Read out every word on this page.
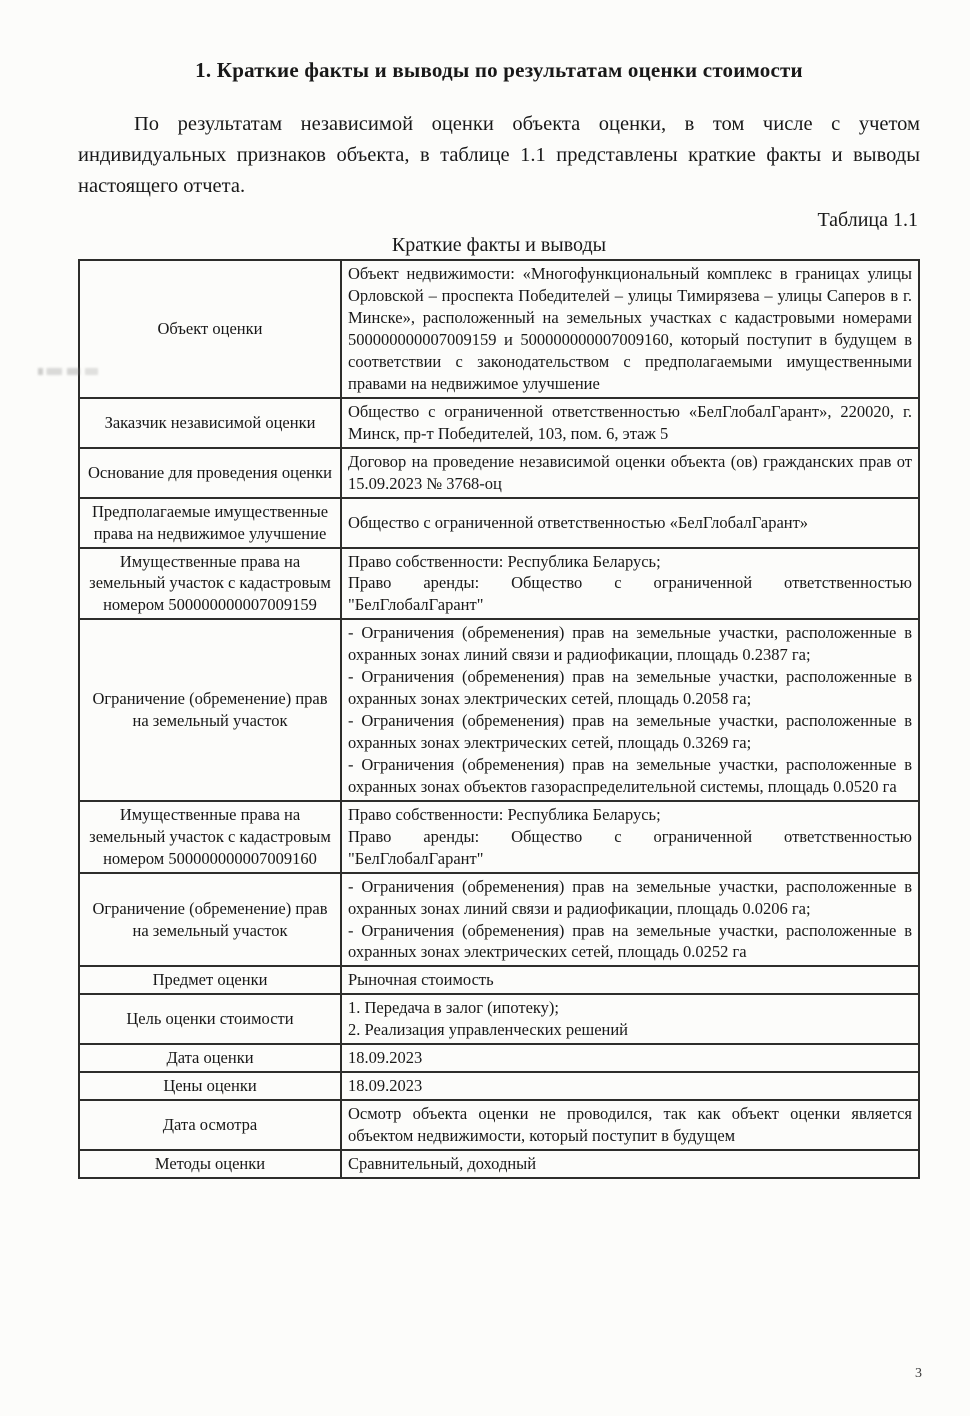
1. Краткие факты и выводы по результатам оценки стоимости

По результатам независимой оценки объекта оценки, в том числе с учетом индивидуальных признаков объекта, в таблице 1.1 представлены краткие факты и выводы настоящего отчета.

Таблица 1.1
Краткие факты и выводы
Объект оценки	Объект недвижимости: «Многофункциональный комплекс в границах улицы Орловской – проспекта Победителей – улицы Тимирязева – улицы Саперов в г. Минске», расположенный на земельных участках с кадастровыми номерами 500000000007009159 и 500000000007009160, который поступит в будущем в соответствии с законодательством с предполагаемыми имущественными правами на недвижимое улучшение

Заказчик независимой оценки	Общество с ограниченной ответственностью «БелГлобалГарант», 220020, г. Минск, пр-т Победителей, 103, пом. 6, этаж 5

Основание для проведения оценки	Договор на проведение независимой оценки объекта (ов) гражданских прав от 15.09.2023 № 3768-оц

Предполагаемые имущественные права на недвижимое улучшение	Общество с ограниченной ответственностью «БелГлобалГарант»

Имущественные права на земельный участок с кадастровым номером 500000000007009159	Право собственности: Республика Беларусь;

Право аренды: Общество с ограниченной ответственностью "БелГлобалГарант"

Ограничение (обременение) прав на земельный участок	- Ограничения (обременения) прав на земельные участки, расположенные в охранных зонах линий связи и радиофикации, площадь 0.2387 га;

- Ограничения (обременения) прав на земельные участки, расположенные в охранных зонах электрических сетей, площадь 0.2058 га;

- Ограничения (обременения) прав на земельные участки, расположенные в охранных зонах электрических сетей, площадь 0.3269 га;

- Ограничения (обременения) прав на земельные участки, расположенные в охранных зонах объектов газораспределительной системы, площадь 0.0520 га

Имущественные права на земельный участок с кадастровым номером 500000000007009160	Право собственности: Республика Беларусь;

Право аренды: Общество с ограниченной ответственностью "БелГлобалГарант"

Ограничение (обременение) прав на земельный участок	- Ограничения (обременения) прав на земельные участки, расположенные в охранных зонах линий связи и радиофикации, площадь 0.0206 га;

- Ограничения (обременения) прав на земельные участки, расположенные в охранных зонах электрических сетей, площадь 0.0252 га

Предмет оценки	Рыночная стоимость

Цель оценки стоимости	1. Передача в залог (ипотеку);

2. Реализация управленческих решений

Дата оценки	18.09.2023

Цены оценки	18.09.2023

Дата осмотра	Осмотр объекта оценки не проводился, так как объект оценки является объектом недвижимости, который поступит в будущем

Методы оценки	Сравнительный, доходный

3
